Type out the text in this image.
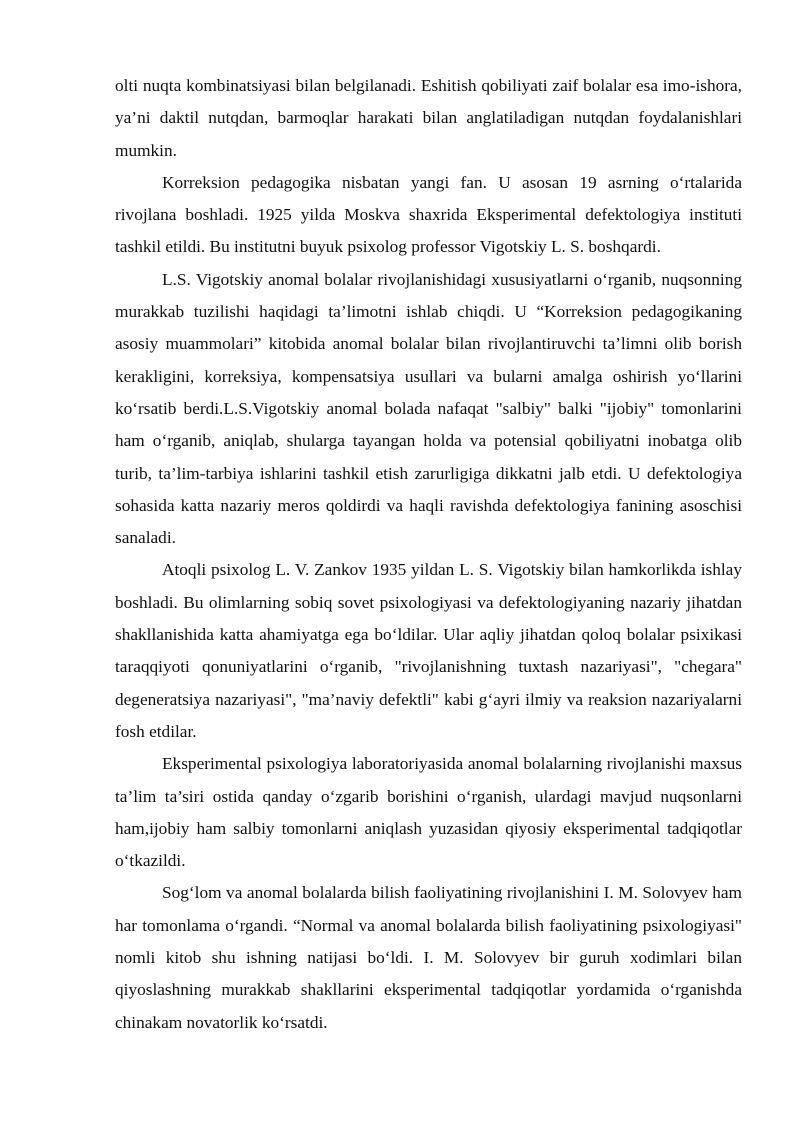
olti nuqta kombinatsiyasi bilan belgilanadi. Eshitish qobiliyati zaif bolalar esa imo-ishora, ya’ni daktil nutqdan, barmoqlar harakati bilan anglatiladigan nutqdan foydalanishlari mumkin.

Korreksion pedagogika nisbatan yangi fan. U asosan 19 asrning o‘rtalarida rivojlana boshladi. 1925 yilda Moskva shaxrida Eksperimental defektologiya instituti tashkil etildi. Bu institutni buyuk psixolog professor Vigotskiy L. S. boshqardi.

L.S. Vigotskiy anomal bolalar rivojlanishidagi xususiyatlarni o‘rganib, nuqsonning murakkab tuzilishi haqidagi ta’limotni ishlab chiqdi. U “Korreksion pedagogikaning asosiy muammolari” kitobida anomal bolalar bilan rivojlantiruvchi ta’limni olib borish kerakligini, korreksiya, kompensatsiya usullari va bularni amalga oshirish yo‘llarini ko‘rsatib berdi.L.S.Vigotskiy anomal bolada nafaqat "salbiy" balki "ijobiy" tomonlarini ham o‘rganib, aniqlab, shularga tayangan holda va potensial qobiliyatni inobatga olib turib, ta’lim-tarbiya ishlarini tashkil etish zarurligiga dikkatni jalb etdi. U defektologiya sohasida katta nazariy meros qoldirdi va haqli ravishda defektologiya fanining asoschisi sanaladi.

Atoqli psixolog L. V. Zankov 1935 yildan L. S. Vigotskiy bilan hamkorlikda ishlay boshladi. Bu olimlarning sobiq sovet psixologiyasi va defektologiyaning nazariy jihatdan shakllanishida katta ahamiyatga ega bo‘ldilar. Ular aqliy jihatdan qoloq bolalar psixikasi taraqqiyoti qonuniyatlarini o‘rganib, "rivojlanishning tuxtash nazariyasi", "chegara" degeneratsiya nazariyasi", "ma’naviy defektli" kabi g‘ayri ilmiy va reaksion nazariyalarni fosh etdilar.

Eksperimental psixologiya laboratoriyasida anomal bolalarning rivojlanishi maxsus ta’lim ta’siri ostida qanday o‘zgarib borishini o‘rganish, ulardagi mavjud nuqsonlarni ham,ijobiy ham salbiy tomonlarni aniqlash yuzasidan qiyosiy eksperimental tadqiqotlar o‘tkazildi.

Sog‘lom va anomal bolalarda bilish faoliyatining rivojlanishini I. M. Solovyev ham har tomonlama o‘rgandi. “Normal va anomal bolalarda bilish faoliyatining psixologiyasi" nomli kitob shu ishning natijasi bo‘ldi. I. M. Solovyev bir guruh xodimlari bilan qiyoslashning murakkab shakllarini eksperimental tadqiqotlar yordamida o‘rganishda chinakam novatorlik ko‘rsatdi.
